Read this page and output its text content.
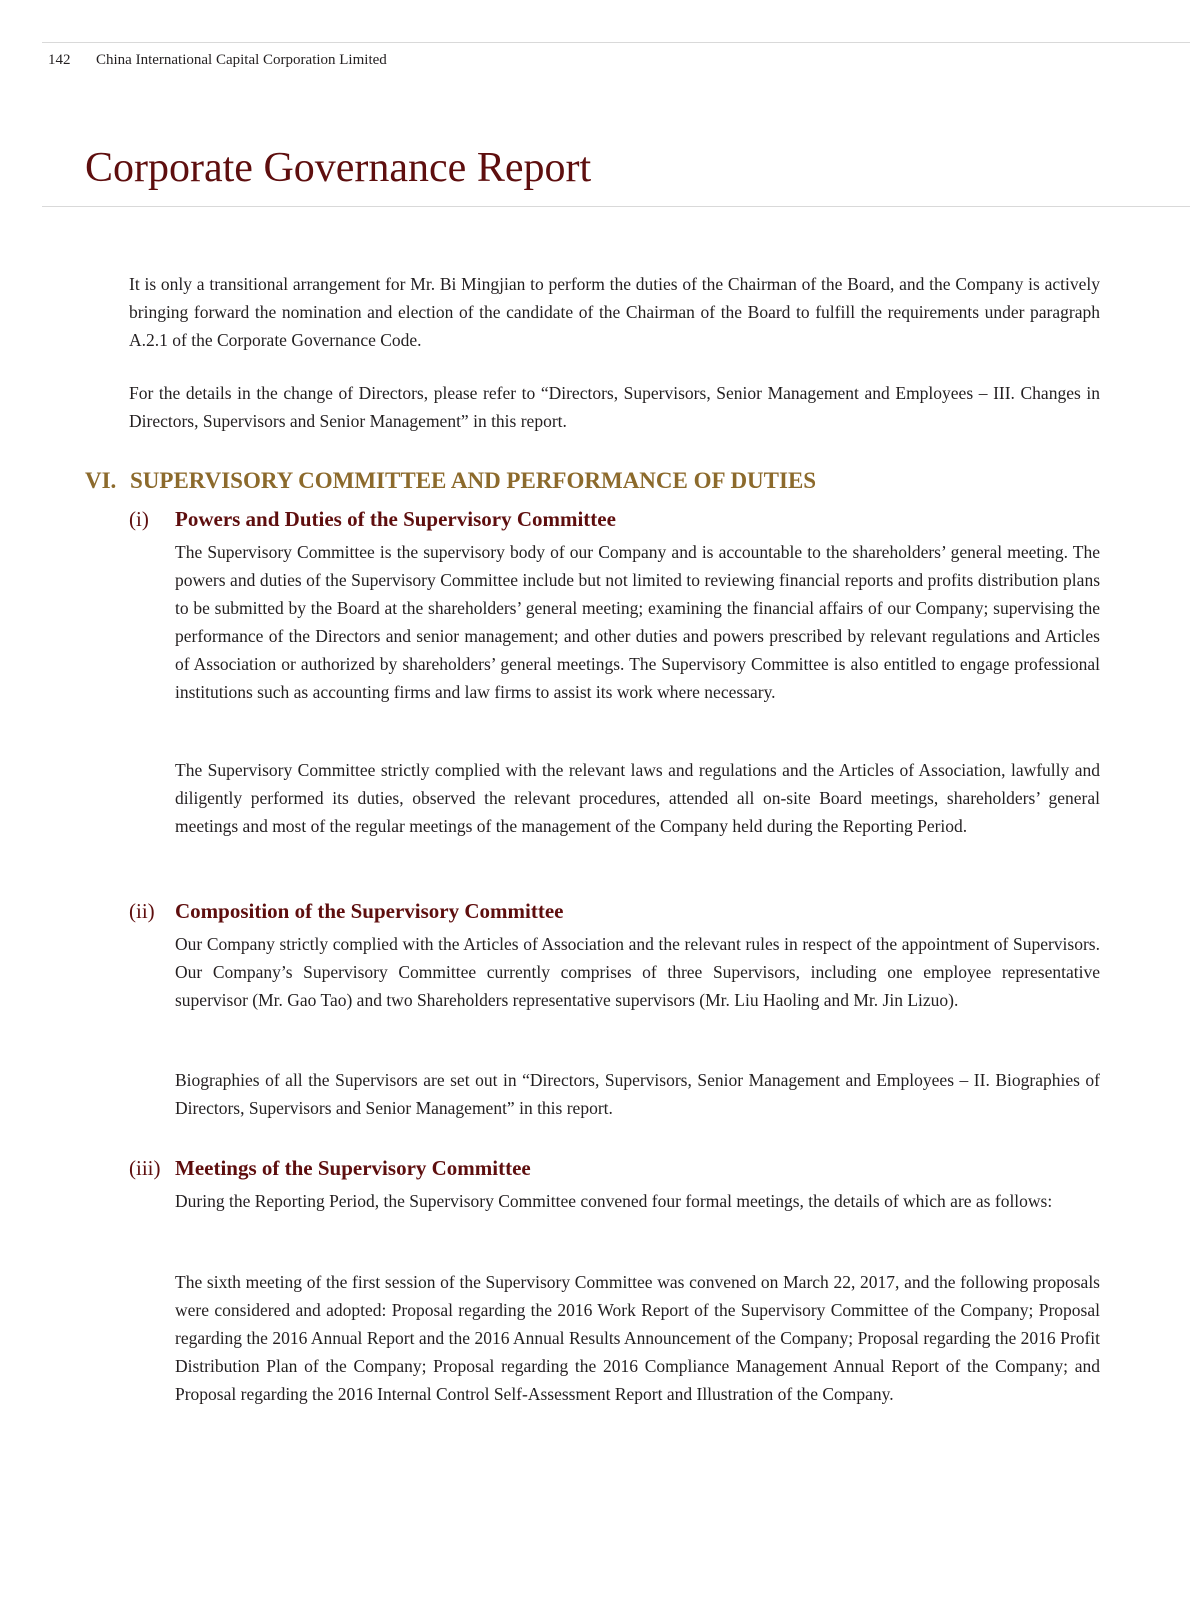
142 China International Capital Corporation Limited
Corporate Governance Report

It is only a transitional arrangement for Mr. Bi Mingjian to perform the duties of the Chairman of the Board, and the Company is actively bringing forward the nomination and election of the candidate of the Chairman of the Board to fulfill the requirements under paragraph A.2.1 of the Corporate Governance Code.

For the details in the change of Directors, please refer to “Directors, Supervisors, Senior Management and Employees – III. Changes in Directors, Supervisors and Senior Management” in this report.

VI. SUPERVISORY COMMITTEE AND PERFORMANCE OF DUTIES
(i) Powers and Duties of the Supervisory Committee

The Supervisory Committee is the supervisory body of our Company and is accountable to the shareholders’ general meeting. The powers and duties of the Supervisory Committee include but not limited to reviewing financial reports and profits distribution plans to be submitted by the Board at the shareholders’ general meeting; examining the financial affairs of our Company; supervising the performance of the Directors and senior management; and other duties and powers prescribed by relevant regulations and Articles of Association or authorized by shareholders’ general meetings. The Supervisory Committee is also entitled to engage professional institutions such as accounting firms and law firms to assist its work where necessary.

The Supervisory Committee strictly complied with the relevant laws and regulations and the Articles of Association, lawfully and diligently performed its duties, observed the relevant procedures, attended all on-site Board meetings, shareholders’ general meetings and most of the regular meetings of the management of the Company held during the Reporting Period.

(ii) Composition of the Supervisory Committee

Our Company strictly complied with the Articles of Association and the relevant rules in respect of the appointment of Supervisors. Our Company’s Supervisory Committee currently comprises of three Supervisors, including one employee representative supervisor (Mr. Gao Tao) and two Shareholders representative supervisors (Mr. Liu Haoling and Mr. Jin Lizuo).

Biographies of all the Supervisors are set out in “Directors, Supervisors, Senior Management and Employees – II. Biographies of Directors, Supervisors and Senior Management” in this report.

(iii) Meetings of the Supervisory Committee

During the Reporting Period, the Supervisory Committee convened four formal meetings, the details of which are as follows:

The sixth meeting of the first session of the Supervisory Committee was convened on March 22, 2017, and the following proposals were considered and adopted: Proposal regarding the 2016 Work Report of the Supervisory Committee of the Company; Proposal regarding the 2016 Annual Report and the 2016 Annual Results Announcement of the Company; Proposal regarding the 2016 Profit Distribution Plan of the Company; Proposal regarding the 2016 Compliance Management Annual Report of the Company; and Proposal regarding the 2016 Internal Control Self-Assessment Report and Illustration of the Company.
